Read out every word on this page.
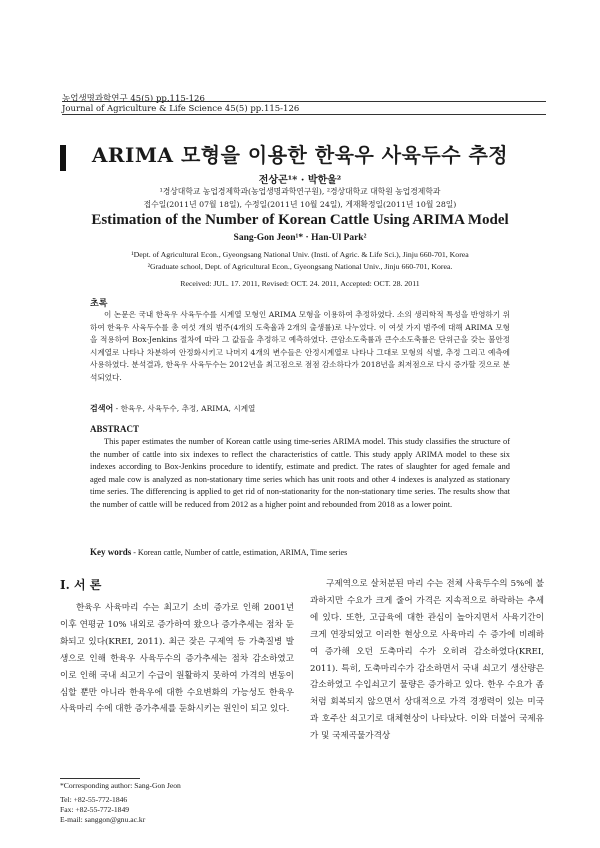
농업생명과학연구 45(5) pp.115-126
Journal of Agriculture & Life Science 45(5) pp.115-126
ARIMA 모형을 이용한 한육우 사육두수 추정
전상곤¹* · 박한울²
¹경상대학교 농업경제학과(농업생명과학연구원), ²경상대학교 대학원 농업경제학과
접수일(2011년 07월 18일), 수정일(2011년 10월 24일), 게재확정일(2011년 10월 28일)
Estimation of the Number of Korean Cattle Using ARIMA Model
Sang-Gon Jeon¹* · Han-Ul Park²
¹Dept. of Agricultural Econ., Gyeongsang National Univ. (Insti. of Agric. & Life Sci.), Jinju 660-701, Korea
²Graduate school, Dept. of Agricultural Econ., Gyeongsang National Univ., Jinju 660-701, Korea.
Received: JUL. 17. 2011, Revised: OCT. 24. 2011, Accepted: OCT. 28. 2011
초록

이 논문은 국내 한육우 사육두수를 시계열 모형인 ARIMA 모형을 이용하여 추정하였다. 소의 생리학적 특성을 반영하기 위하여 한육우 사육두수를 총 여섯 개의 범주(4개의 도축율과 2개의 출생률)로 나누었다. 이 여섯 가지 범주에 대해 ARIMA 모형을 적용하여 Box-Jenkins 절차에 따라 그 값들을 추정하고 예측하였다. 큰암소도축률과 큰수소도축률은 단위근을 갖는 불안정시계열로 나타나 차분하여 안정화시키고 나머지 4개의 변수들은 안정시계열로 나타나 그대로 모형의 식별, 추정 그리고 예측에 사용하였다. 분석결과, 한육우 사육두수는 2012년을 최고점으로 점점 감소하다가 2018년을 최저점으로 다시 증가할 것으로 분석되었다.

검색어 - 한육우, 사육두수, 추정, ARIMA, 시계열
ABSTRACT

This paper estimates the number of Korean cattle using time-series ARIMA model. This study classifies the structure of the number of cattle into six indexes to reflect the characteristics of cattle. This study apply ARIMA model to these six indexes according to Box-Jenkins procedure to identify, estimate and predict. The rates of slaughter for aged female and aged male cow is analyzed as non-stationary time series which has unit roots and other 4 indexes is analyzed as stationary time series. The differencing is applied to get rid of non-stationarity for the non-stationary time series. The results show that the number of cattle will be reduced from 2012 as a higher point and rebounded from 2018 as a lower point.

Key words - Korean cattle, Number of cattle, estimation, ARIMA, Time series
Ⅰ. 서 론

한육우 사육마리 수는 최고기 소비 증가로 인해 2001년 이후 연평균 10% 내외로 증가하여 왔으나 증가추세는 점차 둔화되고 있다(KREI, 2011). 최근 잦은 구제역 등 가축질병 발생으로 인해 한육우 사육두수의 증가추세는 점차 감소하였고 이로 인해 국내 쇠고기 수급이 원활하지 못하여 가격의 변동이 심할 뿐만 아니라 한육우에 대한 수요변화의 가능성도 한육우 사육마리 수에 대한 증가추세를 둔화시키는 원인이 되고 있다.

구제역으로 살처분된 마리 수는 전체 사육두수의 5%에 불과하지만 수요가 크게 줄어 가격은 지속적으로 하락하는 추세에 있다. 또한, 고급육에 대한 관심이 높아지면서 사육기간이 크게 연장되었고 이러한 현상으로 사육마리 수 증가에 비례하여 증가해 오던 도축마리 수가 오히려 감소하였다(KREI, 2011). 특히, 도축마리수가 감소하면서 국내 쇠고기 생산량은 감소하였고 수입쇠고기 물량은 증가하고 있다. 한우 수요가 좀처럼 회복되지 않으면서 상대적으로 가격 경쟁력이 있는 미국과 호주산 쇠고기로 대체현상이 나타났다. 이와 더불어 국제유가 및 국제곡물가격상

*Corresponding author: Sang-Gon Jeon
Tel: +82-55-772-1846
Fax: +82-55-772-1849
E-mail: sanggon@gnu.ac.kr
